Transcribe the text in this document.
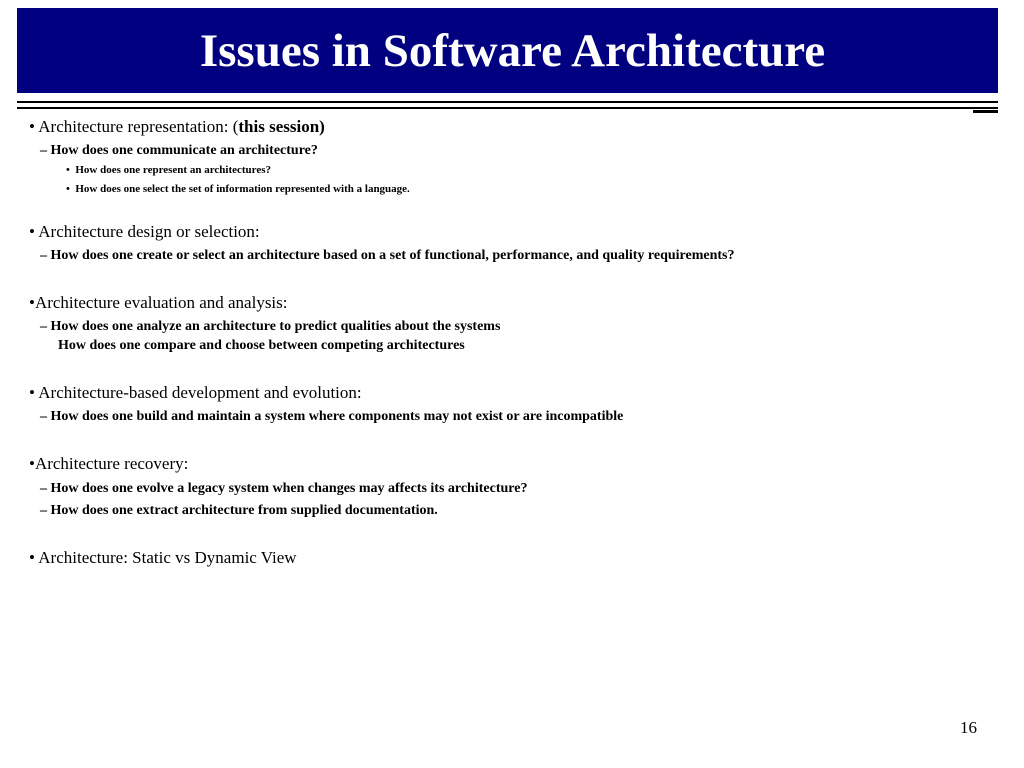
Issues in Software Architecture
• Architecture representation: (this session)
– How does one communicate an architecture?
• How does one represent an architectures?
• How does one select the set of information represented with a language.
• Architecture design or selection:
– How does one create or select an architecture based on a set of functional, performance, and quality requirements?
•Architecture evaluation and analysis:
– How does one analyze an architecture to predict qualities about the systems
How does one compare and choose between competing architectures
• Architecture-based development and evolution:
– How does one build and maintain a system where components may not exist or are incompatible
•Architecture recovery:
– How does one evolve a legacy system when changes may affects its architecture?
– How does one extract architecture from supplied documentation.
• Architecture: Static vs Dynamic View
16
